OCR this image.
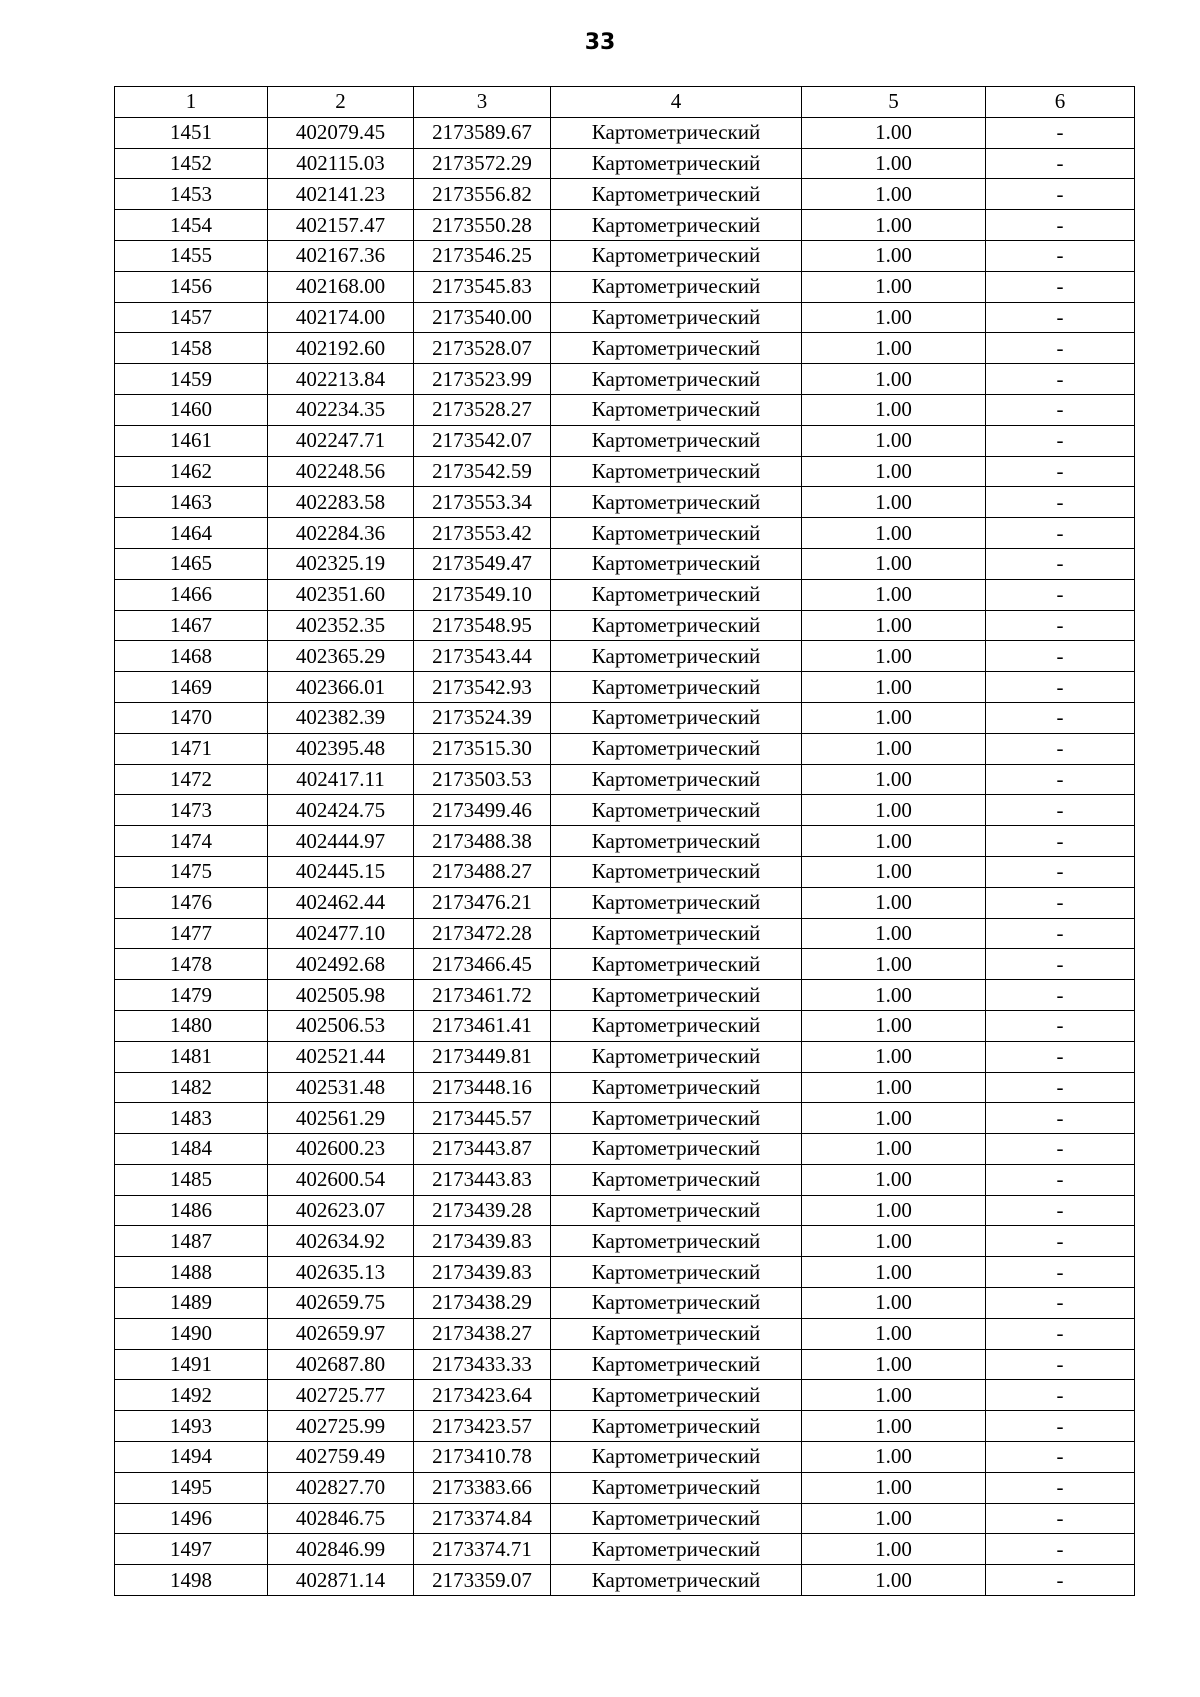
33
1	2	3	4	5	6
1451	402079.45	2173589.67	Картометрический	1.00	-
1452	402115.03	2173572.29	Картометрический	1.00	-
1453	402141.23	2173556.82	Картометрический	1.00	-
1454	402157.47	2173550.28	Картометрический	1.00	-
1455	402167.36	2173546.25	Картометрический	1.00	-
1456	402168.00	2173545.83	Картометрический	1.00	-
1457	402174.00	2173540.00	Картометрический	1.00	-
1458	402192.60	2173528.07	Картометрический	1.00	-
1459	402213.84	2173523.99	Картометрический	1.00	-
1460	402234.35	2173528.27	Картометрический	1.00	-
1461	402247.71	2173542.07	Картометрический	1.00	-
1462	402248.56	2173542.59	Картометрический	1.00	-
1463	402283.58	2173553.34	Картометрический	1.00	-
1464	402284.36	2173553.42	Картометрический	1.00	-
1465	402325.19	2173549.47	Картометрический	1.00	-
1466	402351.60	2173549.10	Картометрический	1.00	-
1467	402352.35	2173548.95	Картометрический	1.00	-
1468	402365.29	2173543.44	Картометрический	1.00	-
1469	402366.01	2173542.93	Картометрический	1.00	-
1470	402382.39	2173524.39	Картометрический	1.00	-
1471	402395.48	2173515.30	Картометрический	1.00	-
1472	402417.11	2173503.53	Картометрический	1.00	-
1473	402424.75	2173499.46	Картометрический	1.00	-
1474	402444.97	2173488.38	Картометрический	1.00	-
1475	402445.15	2173488.27	Картометрический	1.00	-
1476	402462.44	2173476.21	Картометрический	1.00	-
1477	402477.10	2173472.28	Картометрический	1.00	-
1478	402492.68	2173466.45	Картометрический	1.00	-
1479	402505.98	2173461.72	Картометрический	1.00	-
1480	402506.53	2173461.41	Картометрический	1.00	-
1481	402521.44	2173449.81	Картометрический	1.00	-
1482	402531.48	2173448.16	Картометрический	1.00	-
1483	402561.29	2173445.57	Картометрический	1.00	-
1484	402600.23	2173443.87	Картометрический	1.00	-
1485	402600.54	2173443.83	Картометрический	1.00	-
1486	402623.07	2173439.28	Картометрический	1.00	-
1487	402634.92	2173439.83	Картометрический	1.00	-
1488	402635.13	2173439.83	Картометрический	1.00	-
1489	402659.75	2173438.29	Картометрический	1.00	-
1490	402659.97	2173438.27	Картометрический	1.00	-
1491	402687.80	2173433.33	Картометрический	1.00	-
1492	402725.77	2173423.64	Картометрический	1.00	-
1493	402725.99	2173423.57	Картометрический	1.00	-
1494	402759.49	2173410.78	Картометрический	1.00	-
1495	402827.70	2173383.66	Картометрический	1.00	-
1496	402846.75	2173374.84	Картометрический	1.00	-
1497	402846.99	2173374.71	Картометрический	1.00	-
1498	402871.14	2173359.07	Картометрический	1.00	-
